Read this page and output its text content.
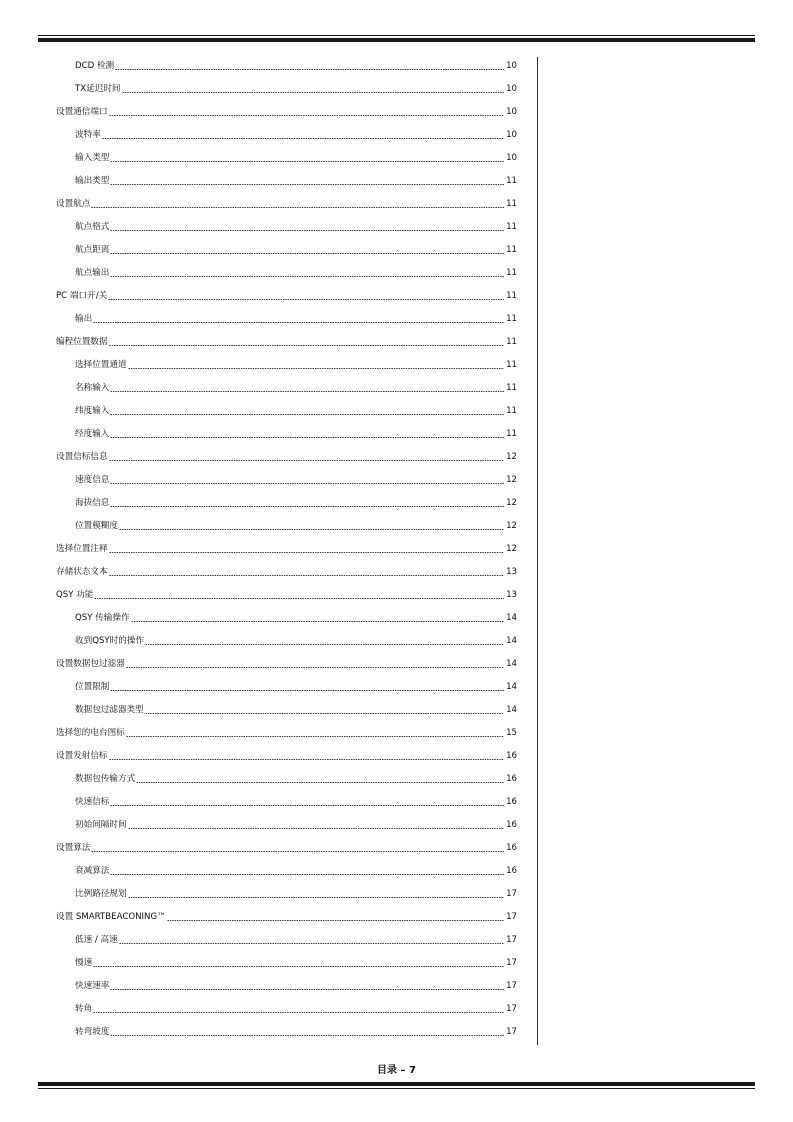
DCD 检测	10
TX延迟时间	10
设置通信端口	10
波特率	10
输入类型	10
输出类型	11
设置航点	11
航点格式	11
航点距离	11
航点输出	11
PC 端口开/关	11
输出	11
编程位置数据	11
选择位置通道	11
名称输入	11
纬度输入	11
经度输入	11
设置信标信息	12
速度信息	12
海拔信息	12
位置模糊度	12
选择位置注释	12
存储状态文本	13
QSY 功能	13
QSY 传输操作	14
收到QSY时的操作	14
设置数据包过滤器	14
位置限制	14
数据包过滤器类型	14
选择您的电台图标	15
设置发射信标	16
数据包传输方式	16
快速信标	16
初始间隔时间	16
设置算法	16
衰减算法	16
比例路径规划	17
设置 SMARTBEACONING™	17
低速 / 高速	17
慢速	17
快速速率	17
转角	17
转弯坡度	17
目录 – 7
